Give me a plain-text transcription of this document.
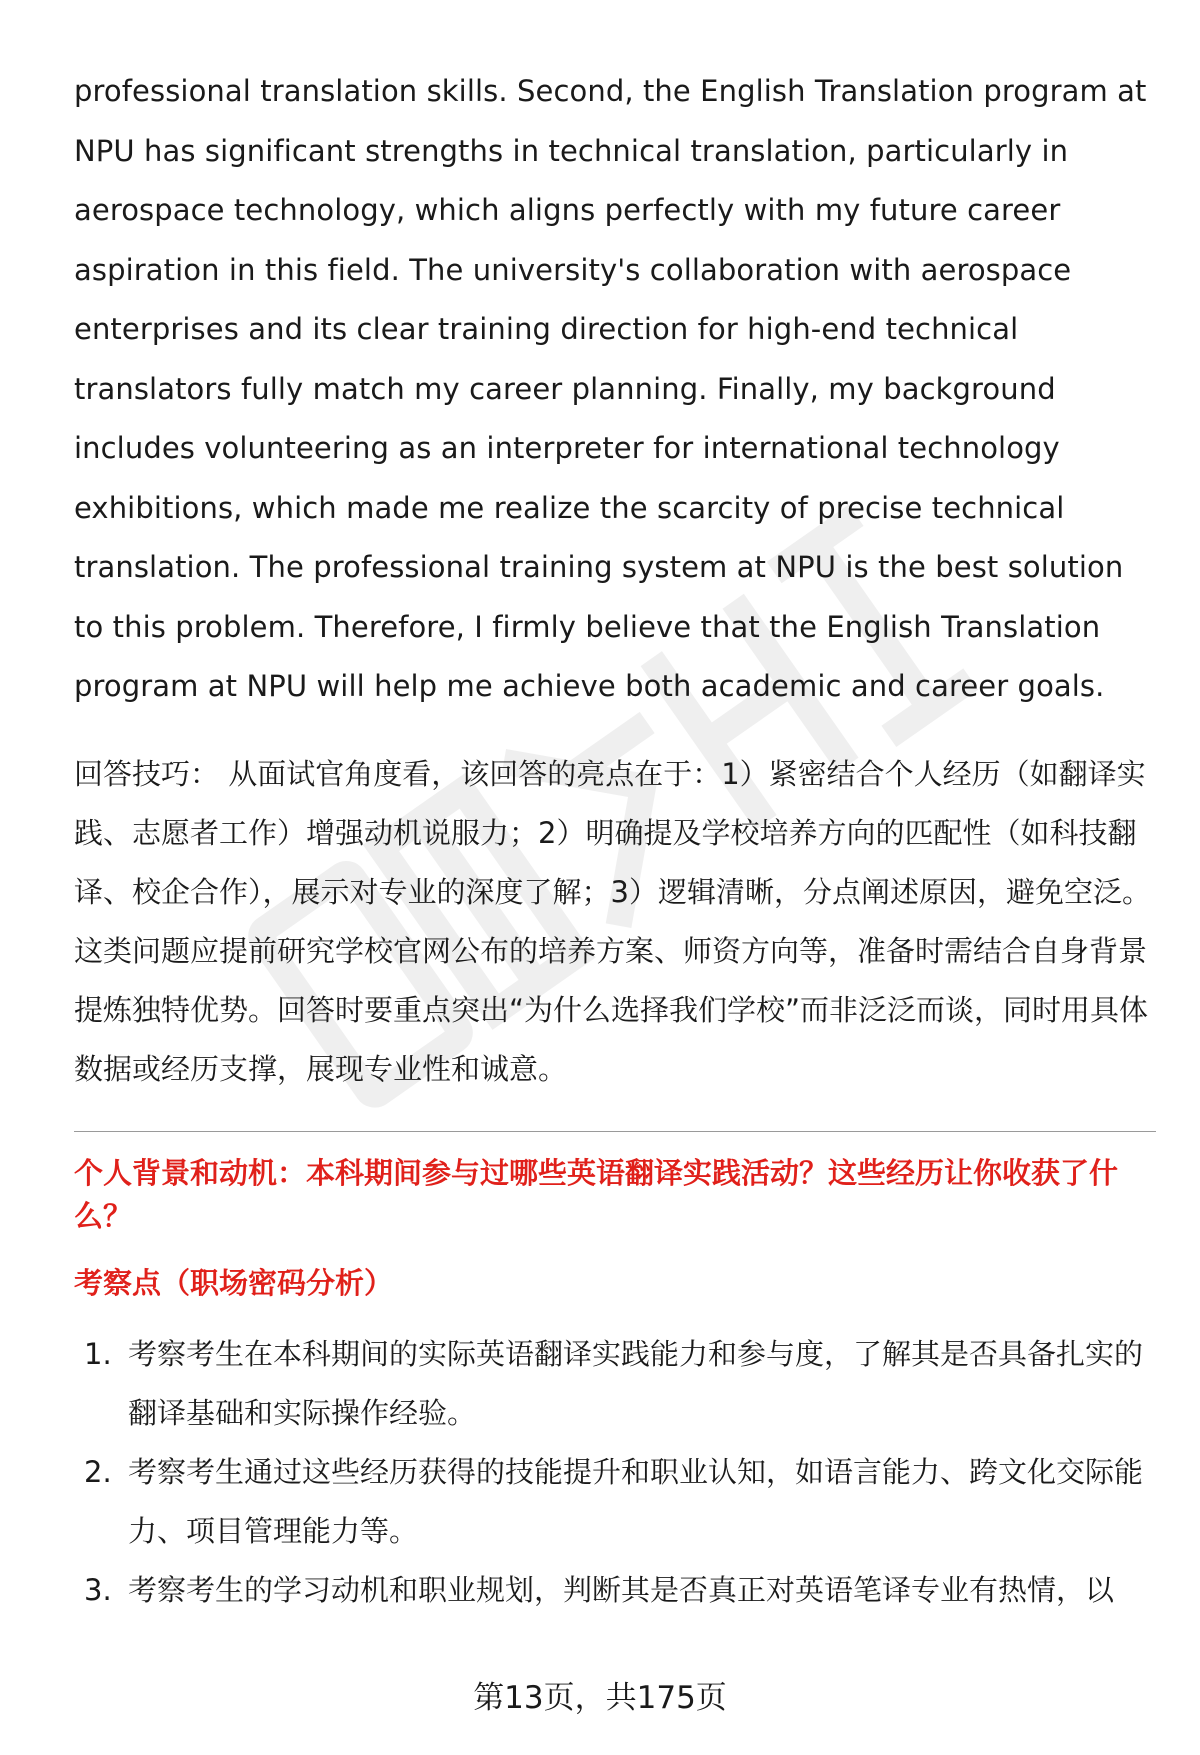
professional translation skills. Second, the English Translation program at NPU has significant strengths in technical translation, particularly in aerospace technology, which aligns perfectly with my future career aspiration in this field. The university's collaboration with aerospace enterprises and its clear training direction for high-end technical translators fully match my career planning. Finally, my background includes volunteering as an interpreter for international technology exhibitions, which made me realize the scarcity of precise technical translation. The professional training system at NPU is the best solution to this problem. Therefore, I firmly believe that the English Translation program at NPU will help me achieve both academic and career goals.

回答技巧： 从面试官角度看，该回答的亮点在于：1）紧密结合个人经历（如翻译实践、志愿者工作）增强动机说服力；2）明确提及学校培养方向的匹配性（如科技翻译、校企合作），展示对专业的深度了解；3）逻辑清晰，分点阐述原因，避免空泛。这类问题应提前研究学校官网公布的培养方案、师资方向等，准备时需结合自身背景提炼独特优势。回答时要重点突出“为什么选择我们学校”而非泛泛而谈，同时用具体数据或经历支撑，展现专业性和诚意。

个人背景和动机：本科期间参与过哪些英语翻译实践活动？这些经历让你收获了什么？

考察点（职场密码分析）

1. 考察考生在本科期间的实际英语翻译实践能力和参与度，了解其是否具备扎实的翻译基础和实际操作经验。
2. 考察考生通过这些经历获得的技能提升和职业认知，如语言能力、跨文化交际能力、项目管理能力等。
3. 考察考生的学习动机和职业规划，判断其是否真正对英语笔译专业有热情，以
第13页，共175页
